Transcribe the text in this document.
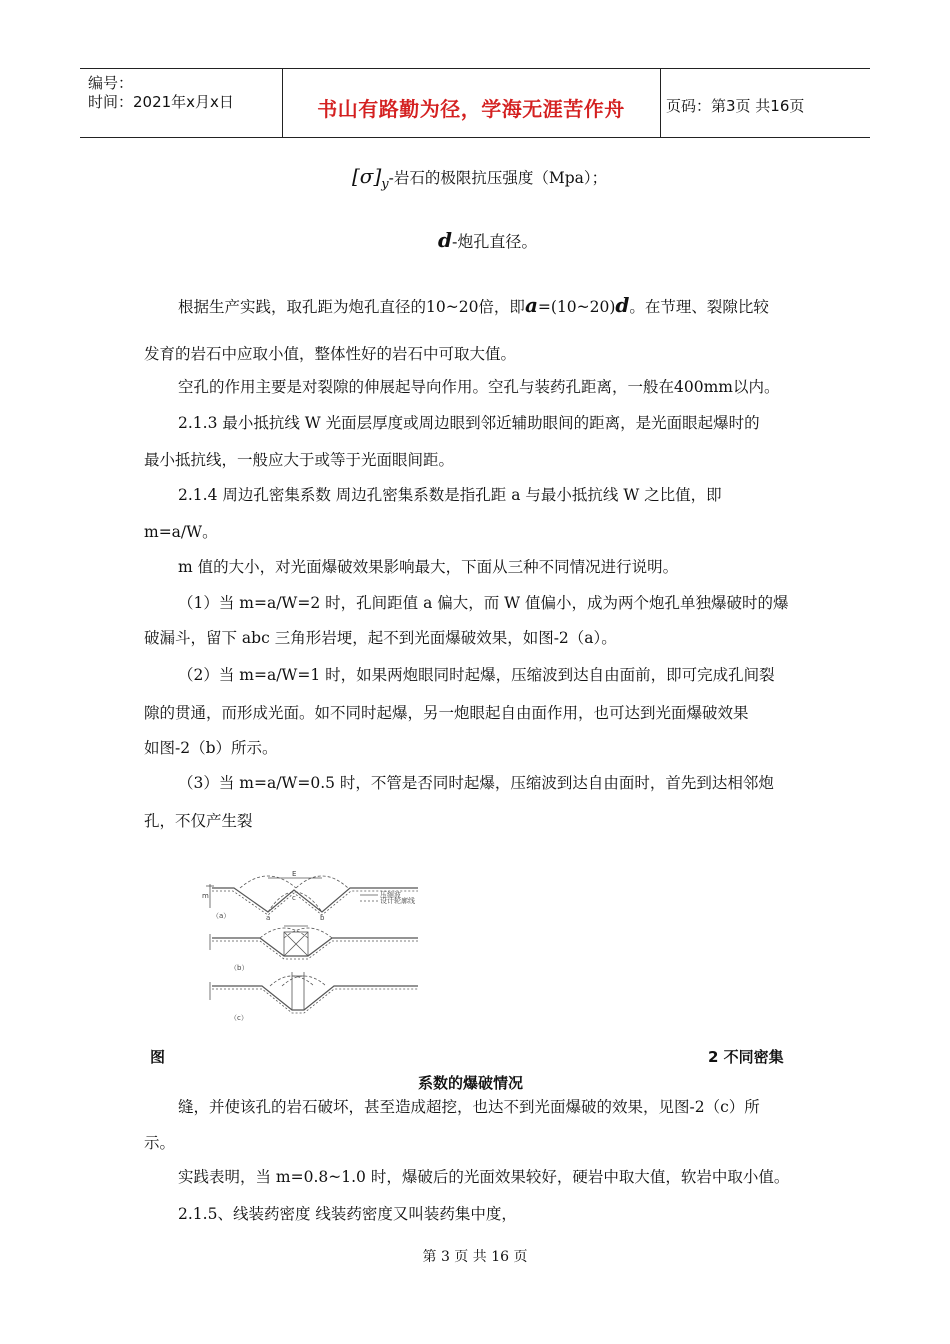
编号：
时间：2021年x月x日	书山有路勤为径，学海无涯苦作舟	页码：第3页 共16页
$[\sigma]_y-$岩石的极限抗压强度（Mpa）；
d-炮孔直径。
根据生产实践，取孔距为炮孔直径的10~20倍，即a=(10~20)d。在节理、裂隙比较
发育的岩石中应取小值，整体性好的岩石中可取大值。
空孔的作用主要是对裂隙的伸展起导向作用。空孔与装药孔距离，一般在400mm以内。
2.1.3 最小抵抗线 W 光面层厚度或周边眼到邻近辅助眼间的距离，是光面眼起爆时的
最小抵抗线，一般应大于或等于光面眼间距。
2.1.4 周边孔密集系数 周边孔密集系数是指孔距 a 与最小抵抗线 W 之比值，即
m=a/W。
m 值的大小，对光面爆破效果影响最大，下面从三种不同情况进行说明。
（1）当 m=a/W=2 时，孔间距值 a 偏大，而 W 值偏小，成为两个炮孔单独爆破时的爆
破漏斗，留下 abc 三角形岩埂，起不到光面爆破效果，如图-2（a）。
（2）当 m=a/W=1 时，如果两炮眼同时起爆，压缩波到达自由面前，即可完成孔间裂
隙的贯通，而形成光面。如不同时起爆，另一炮眼起自由面作用，也可达到光面爆破效果
如图-2（b）所示。
（3）当 m=a/W=0.5 时，不管是否同时起爆，压缩波到达自由面时，首先到达相邻炮
孔，不仅产生裂
（a）
（b）
（c）
压缩波
设计轮廓线
a
c
b
E
m
图	2 不同密集
系数的爆破情况
缝，并使该孔的岩石破坏，甚至造成超挖，也达不到光面爆破的效果，见图-2（c）所
示。
实践表明，当 m=0.8~1.0 时，爆破后的光面效果较好，硬岩中取大值，软岩中取小值。
2.1.5、线装药密度 线装药密度又叫装药集中度，
第 3 页 共 16 页
